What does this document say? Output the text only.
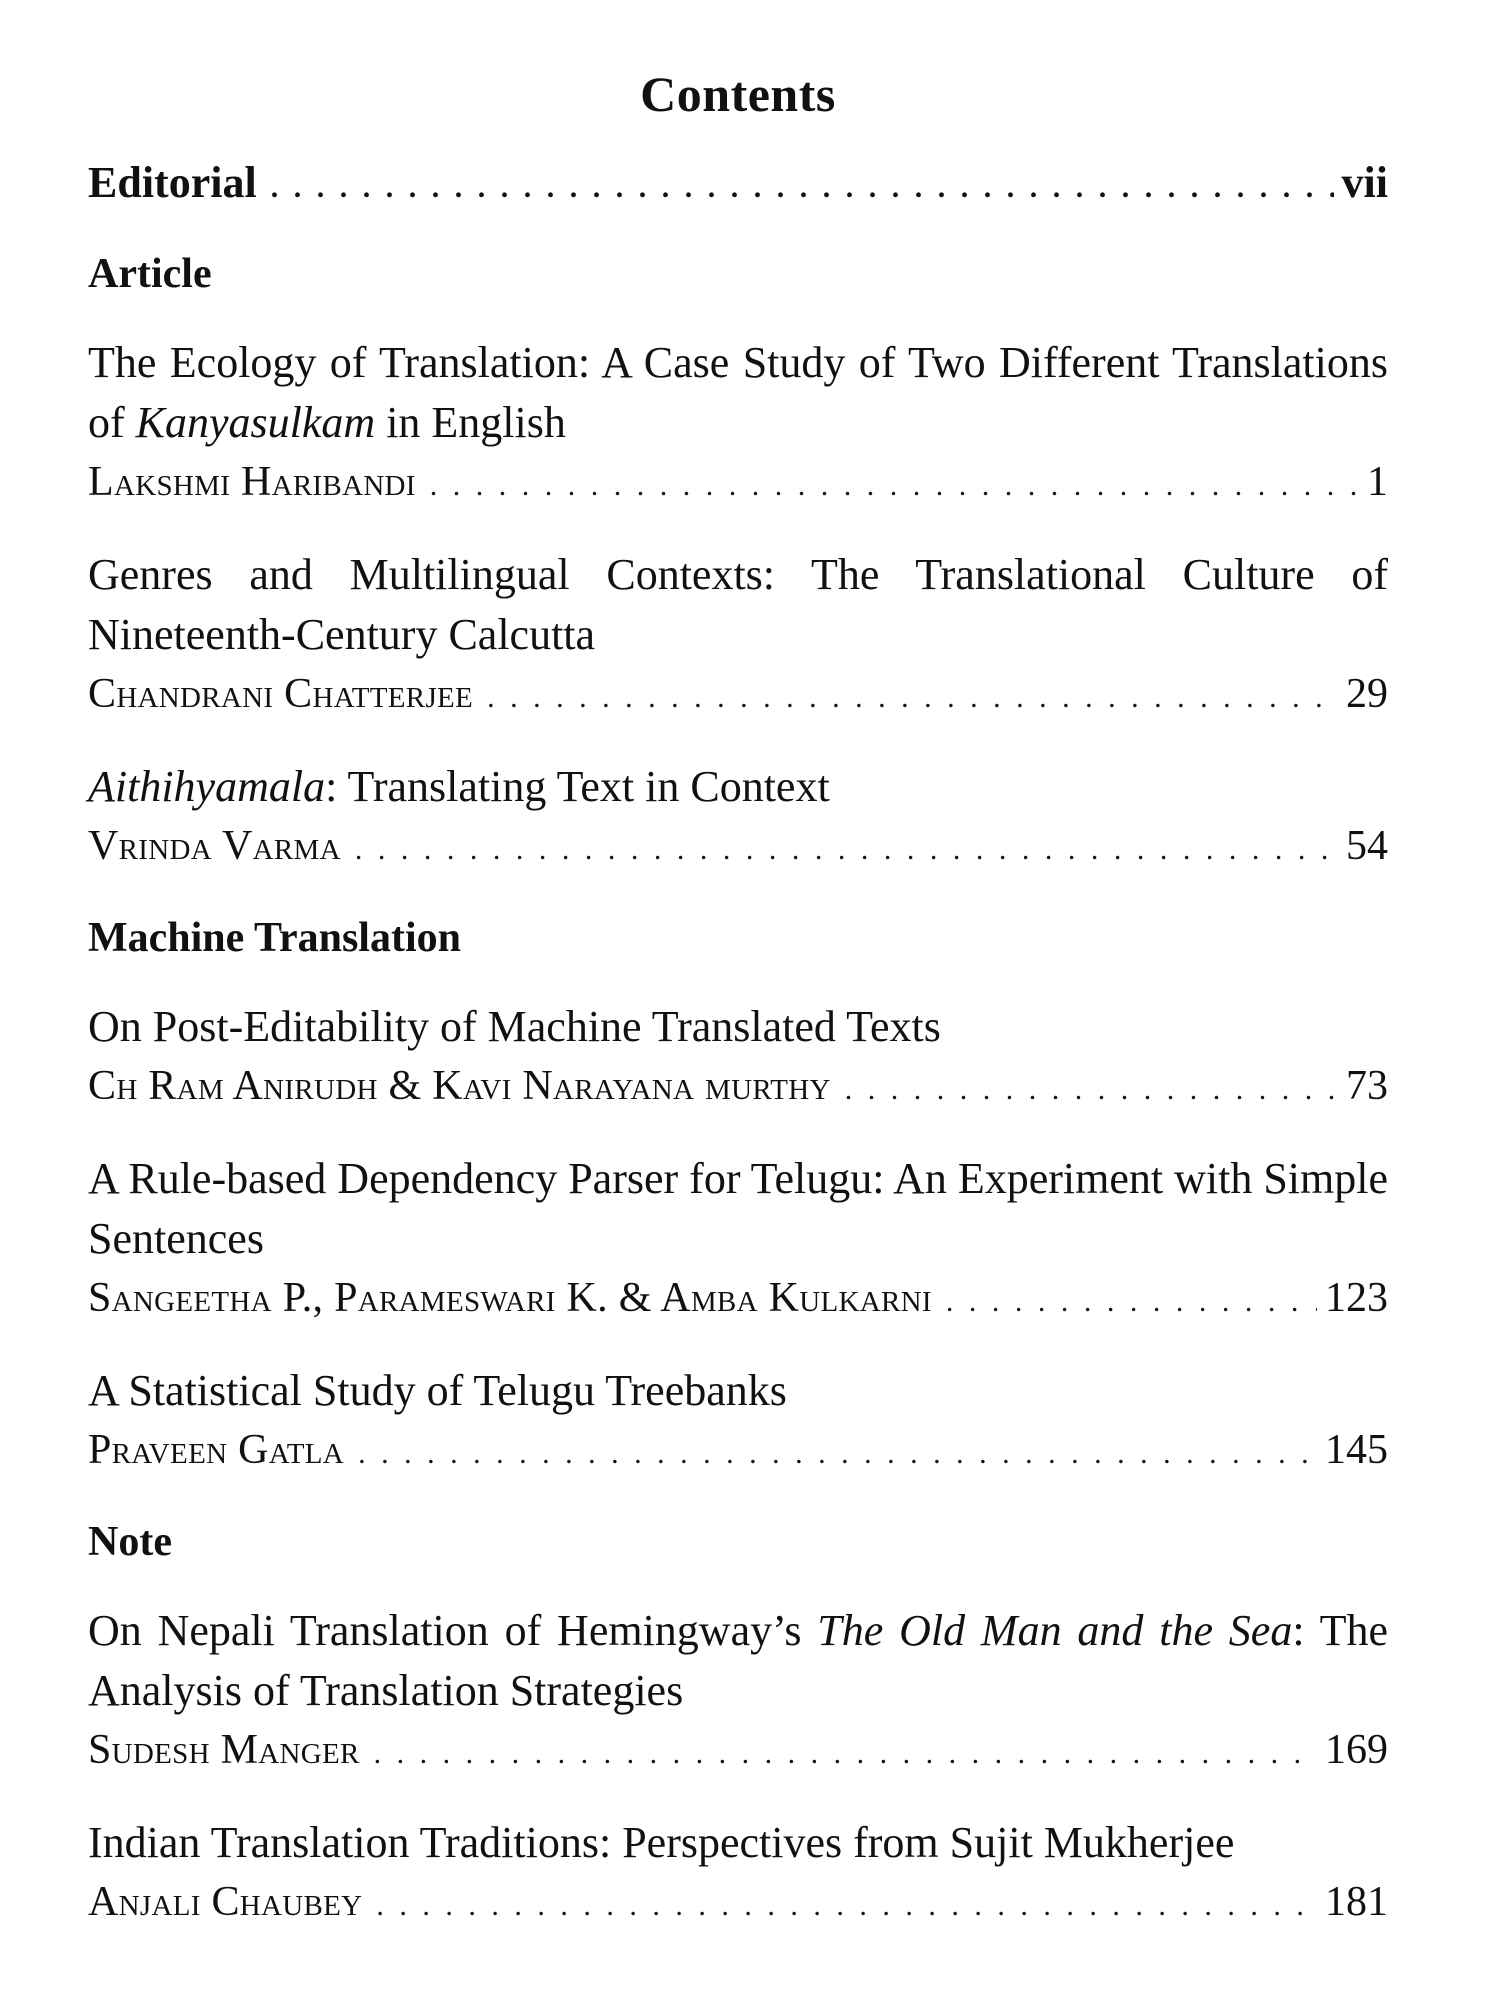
Contents
Editorial . . .	vii
Article

The Ecology of Translation: A Case Study of Two Different Translations of Kanyasulkam in English

Lakshmi Haribandi . . .	1

Genres and Multilingual Contexts: The Translational Culture of Nineteenth-Century Calcutta

Chandrani Chatterjee . . .	29

Aithihyamala: Translating Text in Context

Vrinda Varma . . .	54
Machine Translation

On Post-Editability of Machine Translated Texts

Ch Ram Anirudh & Kavi Narayana murthy . . .	73

A Rule-based Dependency Parser for Telugu: An Experiment with Simple Sentences

Sangeetha P., Parameswari K. & Amba Kulkarni . . .	123

A Statistical Study of Telugu Treebanks

Praveen Gatla . . .	145
Note

On Nepali Translation of Hemingway’s The Old Man and the Sea: The Analysis of Translation Strategies

Sudesh Manger . . .	169

Indian Translation Traditions: Perspectives from Sujit Mukherjee

Anjali Chaubey . . .	181
